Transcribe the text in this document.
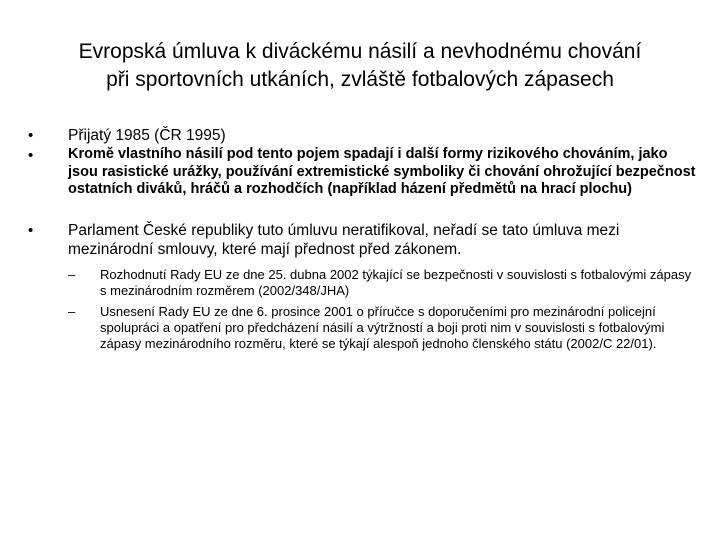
Evropská úmluva k diváckému násilí a nevhodnému chování
při sportovních utkáních, zvláště fotbalových zápasech
•	Přijatý 1985 (ČR 1995)
•	Kromě vlastního násilí pod tento pojem spadají i další formy rizikového chováním, jako jsou rasistické urážky, používání extremistické symboliky či chování ohrožující bezpečnost ostatních diváků, hráčů a rozhodčích (například házení předmětů na hrací plochu)
•	Parlament České republiky tuto úmluvu neratifikoval, neřadí se tato úmluva mezi mezinárodní smlouvy, které mají přednost před zákonem.
–	Rozhodnutí Rady EU ze dne 25. dubna 2002 týkající se bezpečnosti v souvislosti s fotbalovými zápasy s mezinárodním rozměrem (2002/348/JHA)
–	Usnesení Rady EU ze dne 6. prosince 2001 o příručce s doporučeními pro mezinárodní policejní spolupráci a opatření pro předcházení násilí a výtržností a boji proti nim v souvislosti s fotbalovými zápasy mezinárodního rozměru, které se týkají alespoň jednoho členského státu (2002/C 22/01).
